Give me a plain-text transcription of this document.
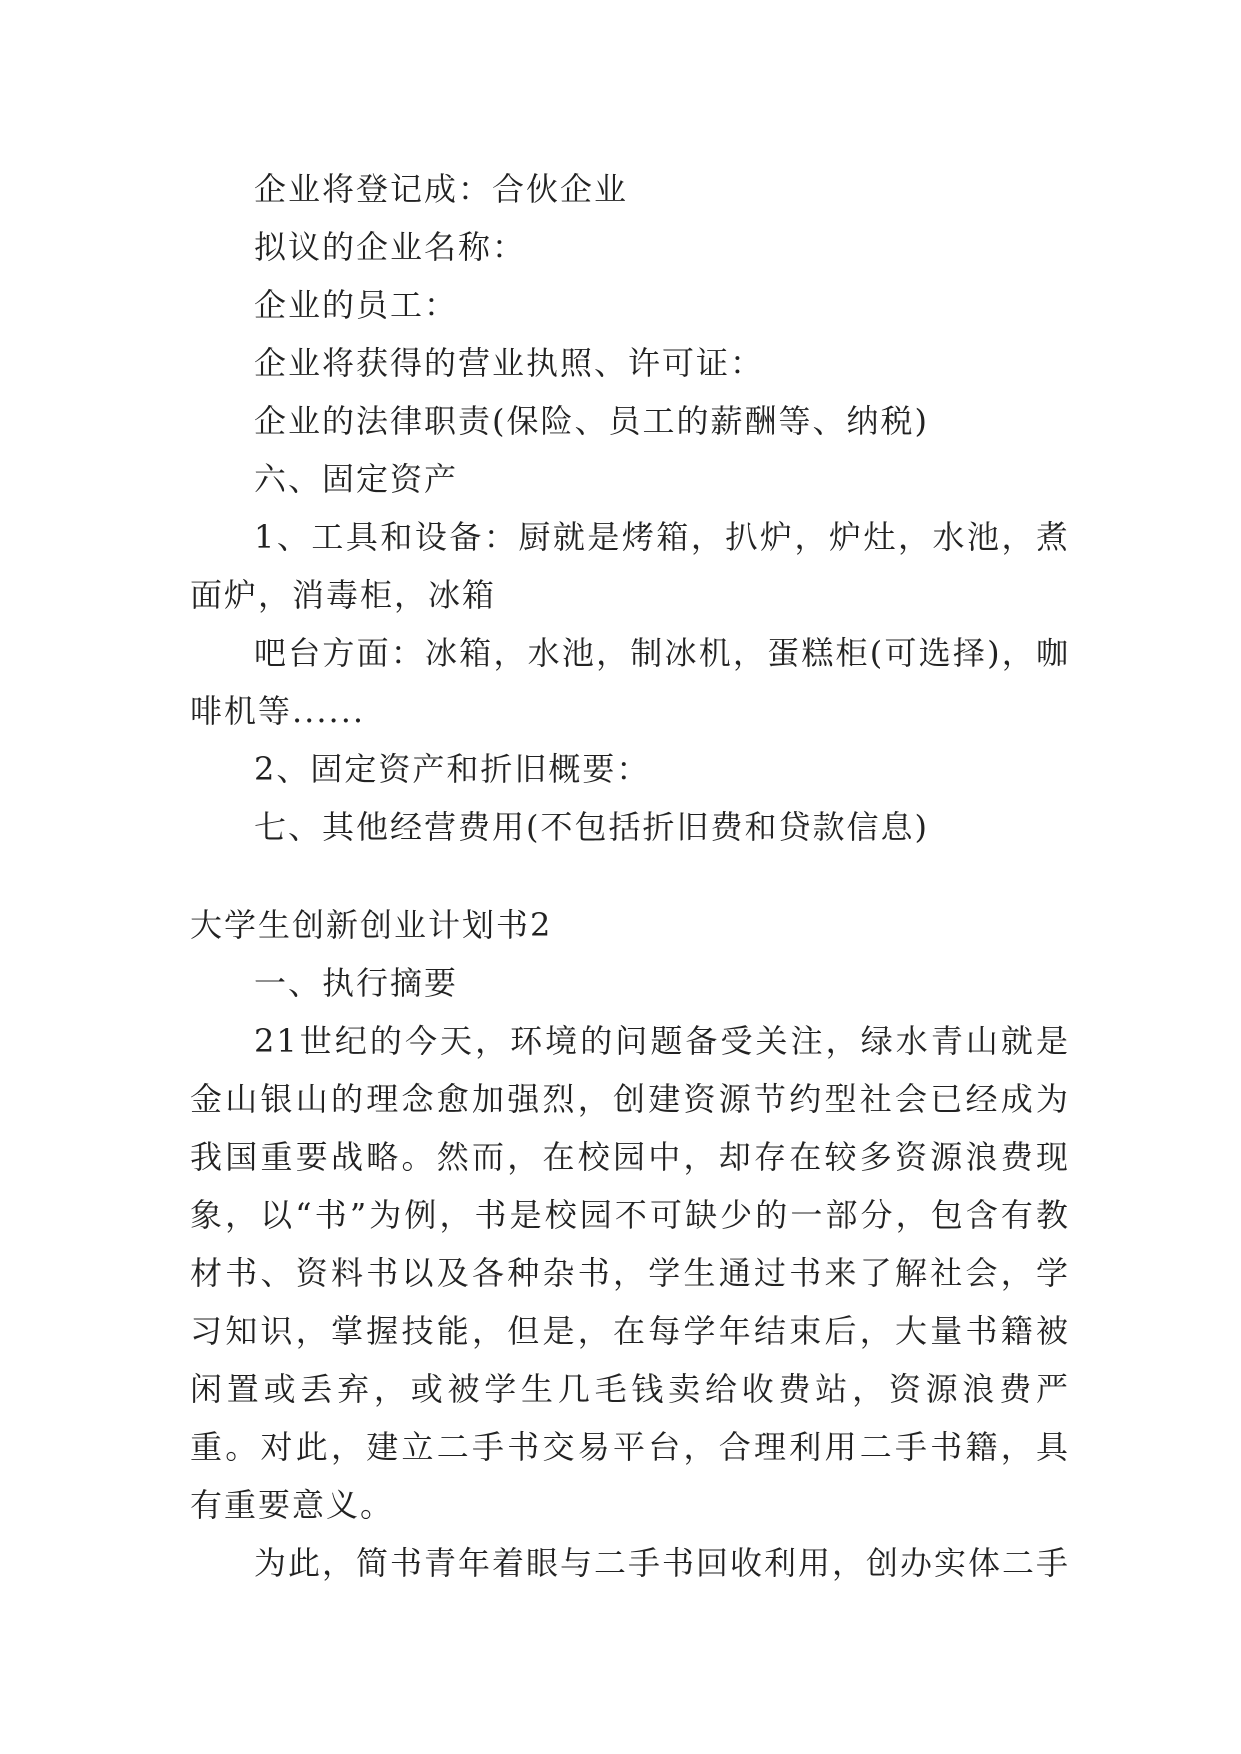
企业将登记成：合伙企业

拟议的企业名称：

企业的员工：

企业将获得的营业执照、许可证：

企业的法律职责(保险、员工的薪酬等、纳税)

六、固定资产

1、工具和设备：厨就是烤箱，扒炉，炉灶，水池，煮面炉，消毒柜，冰箱

吧台方面：冰箱，水池，制冰机，蛋糕柜(可选择)，咖啡机等......

2、固定资产和折旧概要：

七、其他经营费用(不包括折旧费和贷款信息)

大学生创新创业计划书2

一、执行摘要

21世纪的今天，环境的问题备受关注，绿水青山就是金山银山的理念愈加强烈，创建资源节约型社会已经成为我国重要战略。然而，在校园中，却存在较多资源浪费现象，以“书”为例，书是校园不可缺少的一部分，包含有教材书、资料书以及各种杂书，学生通过书来了解社会，学习知识，掌握技能，但是，在每学年结束后，大量书籍被闲置或丢弃，或被学生几毛钱卖给收费站，资源浪费严重。对此，建立二手书交易平台，合理利用二手书籍，具有重要意义。

为此，简书青年着眼与二手书回收利用，创办实体二手
